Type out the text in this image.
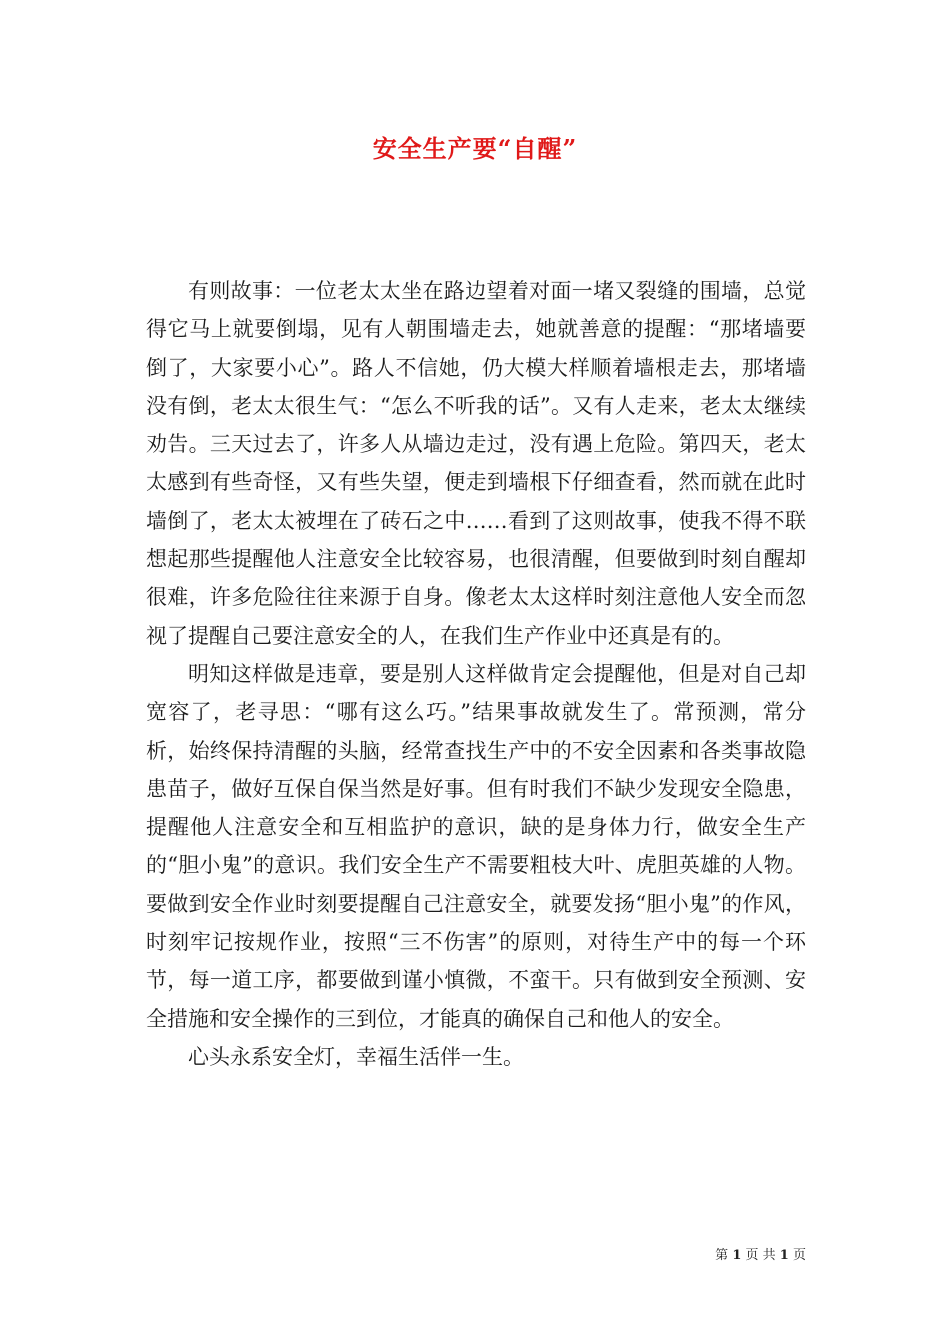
安全生产要“自醒”

有则故事：一位老太太坐在路边望着对面一堵又裂缝的围墙，总觉得它马上就要倒塌，见有人朝围墙走去，她就善意的提醒：“那堵墙要倒了，大家要小心”。路人不信她，仍大模大样顺着墙根走去，那堵墙没有倒，老太太很生气：“怎么不听我的话”。又有人走来，老太太继续劝告。三天过去了，许多人从墙边走过，没有遇上危险。第四天，老太太感到有些奇怪，又有些失望，便走到墙根下仔细查看，然而就在此时墙倒了，老太太被埋在了砖石之中……看到了这则故事，使我不得不联想起那些提醒他人注意安全比较容易，也很清醒，但要做到时刻自醒却很难，许多危险往往来源于自身。像老太太这样时刻注意他人安全而忽视了提醒自己要注意安全的人，在我们生产作业中还真是有的。

明知这样做是违章，要是别人这样做肯定会提醒他，但是对自己却宽容了，老寻思：“哪有这么巧。”结果事故就发生了。常预测，常分析，始终保持清醒的头脑，经常查找生产中的不安全因素和各类事故隐患苗子，做好互保自保当然是好事。但有时我们不缺少发现安全隐患，提醒他人注意安全和互相监护的意识，缺的是身体力行，做安全生产的“胆小鬼”的意识。我们安全生产不需要粗枝大叶、虎胆英雄的人物。要做到安全作业时刻要提醒自己注意安全，就要发扬“胆小鬼”的作风，时刻牢记按规作业，按照“三不伤害”的原则，对待生产中的每一个环节，每一道工序，都要做到谨小慎微，不蛮干。只有做到安全预测、安全措施和安全操作的三到位，才能真的确保自己和他人的安全。

心头永系安全灯，幸福生活伴一生。

第 1 页 共 1 页
